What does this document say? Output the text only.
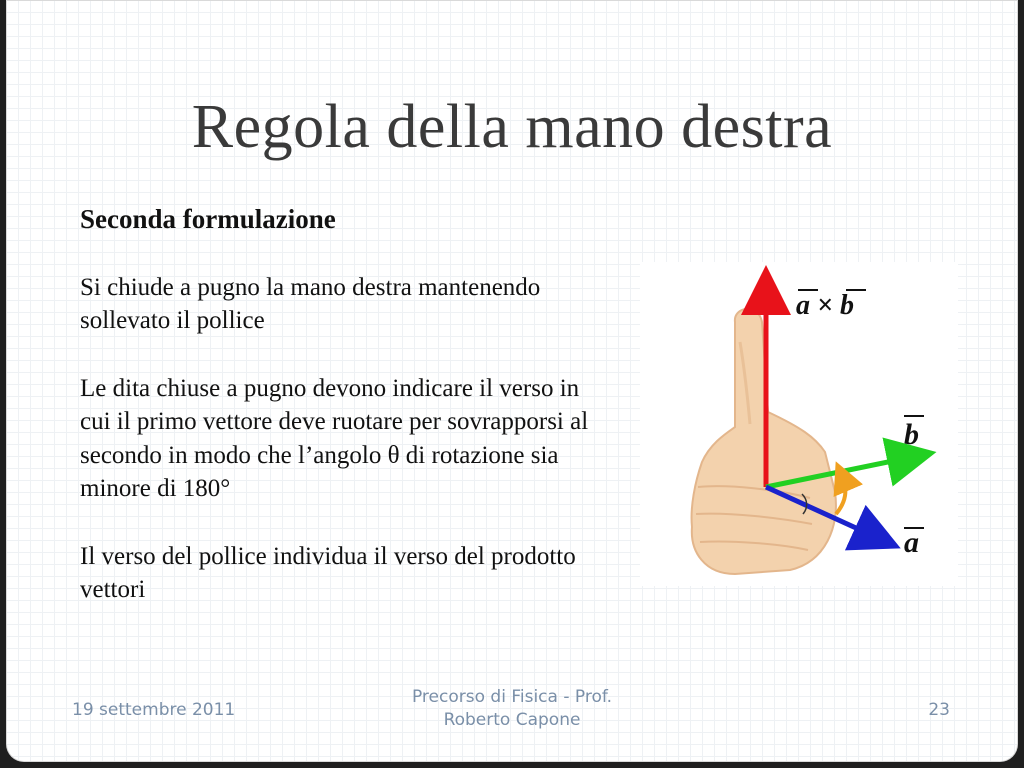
Regola della mano destra
Seconda formulazione

Si chiude a pugno la mano destra mantenendo sollevato il pollice

Le dita chiuse a pugno devono indicare il verso in cui il primo vettore deve ruotare per sovrapporsi al secondo in modo che l’angolo θ di rotazione sia minore di 180°

Il verso del pollice individua il verso del prodotto vettori

a × b
b
a
19 settembre 2011
Precorso di Fisica - Prof.
Roberto Capone	23
